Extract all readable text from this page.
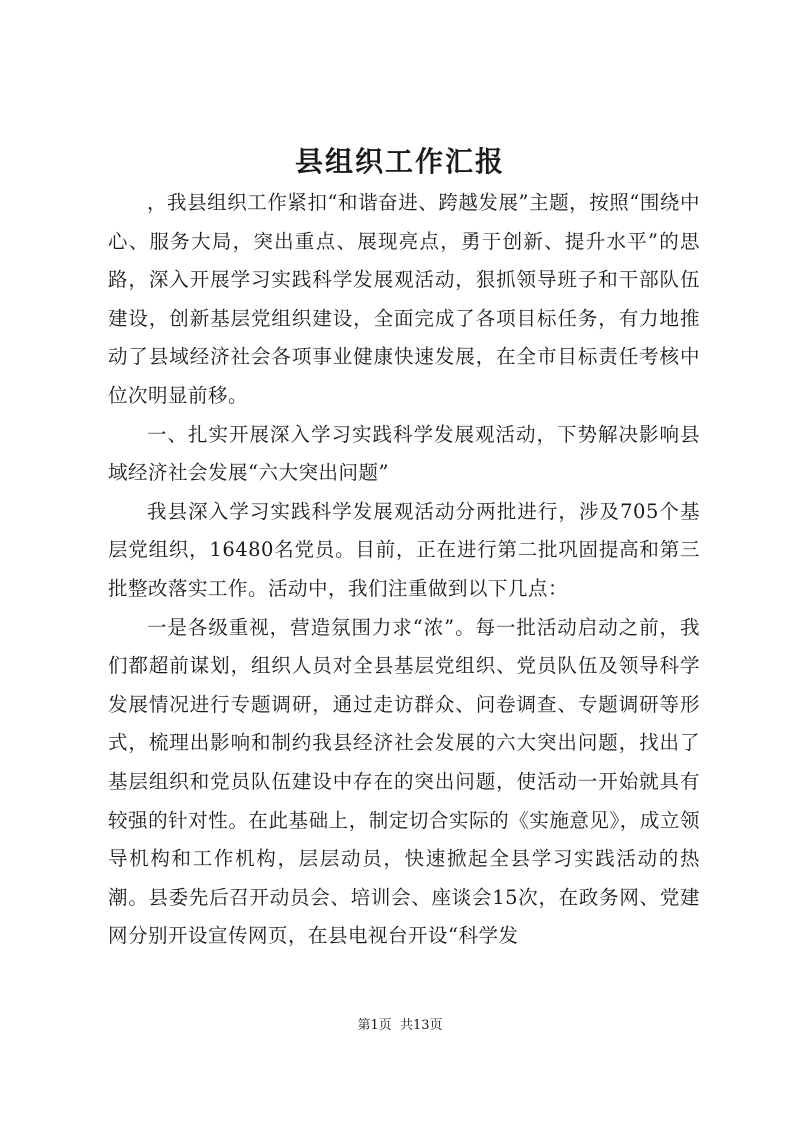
县组织工作汇报

，我县组织工作紧扣“和谐奋进、跨越发展”主题，按照“围绕中心、服务大局，突出重点、展现亮点，勇于创新、提升水平”的思路，深入开展学习实践科学发展观活动，狠抓领导班子和干部队伍建设，创新基层党组织建设，全面完成了各项目标任务，有力地推动了县域经济社会各项事业健康快速发展，在全市目标责任考核中位次明显前移。

一、扎实开展深入学习实践科学发展观活动，下势解决影响县域经济社会发展“六大突出问题”

我县深入学习实践科学发展观活动分两批进行，涉及705个基层党组织，16480名党员。目前，正在进行第二批巩固提高和第三批整改落实工作。活动中，我们注重做到以下几点：

一是各级重视，营造氛围力求“浓”。每一批活动启动之前，我们都超前谋划，组织人员对全县基层党组织、党员队伍及领导科学发展情况进行专题调研，通过走访群众、问卷调查、专题调研等形式，梳理出影响和制约我县经济社会发展的六大突出问题，找出了基层组织和党员队伍建设中存在的突出问题，使活动一开始就具有较强的针对性。在此基础上，制定切合实际的《实施意见》，成立领导机构和工作机构，层层动员，快速掀起全县学习实践活动的热潮。县委先后召开动员会、培训会、座谈会15次，在政务网、党建网分别开设宣传网页，在县电视台开设“科学发

第1页 共13页
